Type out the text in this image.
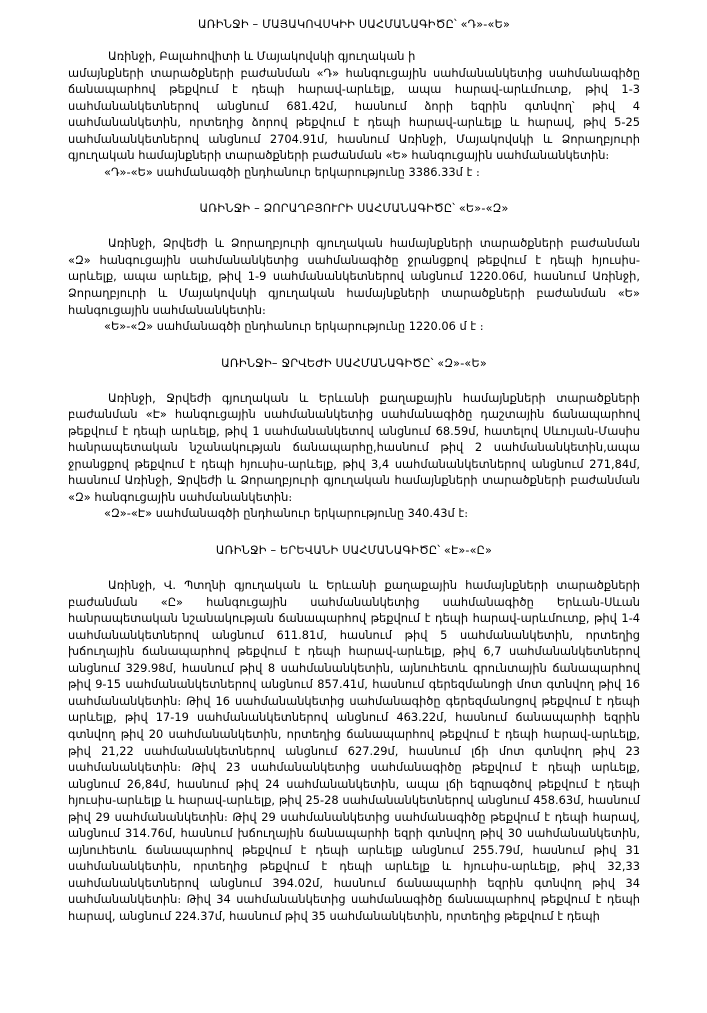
ԱՌԻՆՋԻ – ՄԱՅԱԿՈՎՍԿԻԻ ՍԱՀՄԱՆԱԳԻԾԸ՝ «Դ»-«Ե»

Առինջի, Բալահովիտի և Մայակովսկի գյուղական ի

ամայնքների տարածքների բաժանման «Դ» հանգուցային սահմանանկետից սահմանագիծը ճանապարհով թեքվում է դեպի հարավ-արևելք, ապա հարավ-արևմուտք, թիվ 1-3 սահմանանկետներով անցնում 681.42մ, հասնում ձորի եզրին գտնվող՝ թիվ 4 սահմանանկետին, որտեղից ձորով թեքվում է դեպի հարավ-արևելք և հարավ, թիվ 5-25 սահմանանկետներով անցնում 2704.91մ, հասնում Առինջի, Մայակովսկի և Ձորաղբյուրի գյուղական համայնքների տարածքների բաժանման «Ե» հանգուցային սահմանանկետին։

«Դ»-«Ե» սահմանագծի ընդհանուր երկարությունը 3386.33մ է ։

ԱՌԻՆՋԻ – ՁՈՐԱՂԲՅՈՒՐԻ ՍԱՀՄԱՆԱԳԻԾԸ՝ «Ե»-«Զ»

Առինջի, Ձրվեժի և Ձորաղբյուրի գյուղական համայնքների տարածքների բաժանման «Զ» հանգուցային սահմանանկետից սահմանագիծը ջրանցքով թեքվում է դեպի հյուսիս-արևելք, ապա արևելք, թիվ 1-9 սահմանանկետներով անցնում 1220.06մ, հասնում Առինջի, Ձորաղբյուրի և Մայակովսկի գյուղական համայնքների տարածքների բաժանման «Ե» հանգուցային սահմանանկետին։

«Ե»-«Զ» սահմանագծի ընդհանուր երկարությունը 1220.06 մ է ։

ԱՌԻՆՋԻ– ՋՐՎԵԺԻ ՍԱՀՄԱՆԱԳԻԾԸ՝ «Զ»-«Ե»

Առինջի, Ջրվեժի գյուղական և Երևանի քաղաքային համայնքների տարածքների բաժանման «Է» հանգուցային սահմանանկետից սահմանագիծը դաշտային ճանապարհով թեքվում է դեպի արևելք, թիվ 1 սահմանանկետով անցնում 68.59մ, հատելով Սևույան-Մասիս հանրապետական նշանակության ճանապարհը,հասնում թիվ 2 սահմանանկետին,ապա ջրանցքով թեքվում է դեպի հյուսիս-արևելք, թիվ 3,4 սահմանանկետներով անցնում 271,84մ, հասնում Առինջի, Ջրվեժի և Ձորաղբյուրի գյուղական համայնքների տարածքների բաժանման «Զ» հանգուցային սահմանանկետին։

«Զ»-«Է» սահմանագծի ընդհանուր երկարությունը 340.43մ է։

ԱՌԻՆՋԻ – ԵՐԵՎԱՆԻ ՍԱՀՄԱՆԱԳԻԾԸ՝ «Է»-«Ը»

Առինջի, Վ. Պտղնի գյուղական և Երևանի քաղաքային համայնքների տարածքների բաժանման «Ը» հանգուցային սահմանանկետից սահմանագիծը Երևան-Սևան հանրապետական նշանակության ճանապարհով թեքվում է դեպի հարավ-արևմուտք, թիվ 1-4 սահմանանկետներով անցնում 611.81մ, հասնում թիվ 5 սահմանանկետին, որտեղից խճուղային ճանապարհով թեքվում է դեպի հարավ-արևելք, թիվ 6,7 սահմանանկետներով անցնում 329.98մ, հասնում թիվ 8 սահմանանկետին, այնուհետև գրունտային ճանապարհով թիվ 9-15 սահմանանկետներով անցնում 857.41մ, հասնում գերեզմանոցի մոտ գտնվող թիվ 16 սահմանանկետին։ Թիվ 16 սահմանանկետից սահմանագիծը գերեզմանոցով թեքվում է դեպի արևելք, թիվ 17-19 սահմանանկետներով անցնում 463.22մ, հասնում ճանապարհի եզրին գտնվող թիվ 20 սահմանանկետին, որտեղից ճանապարհով թեքվում է դեպի հարավ-արևելք, թիվ 21,22 սահմանանկետներով անցնում 627.29մ, հասնում լճի մոտ գտնվող թիվ 23 սահմանանկետին։ Թիվ 23 սահմանանկետից սահմանագիծը թեքվում է դեպի արևելք, անցնում 26,84մ, հասնում թիվ 24 սահմանանկետին, ապա լճի եզրագծով թեքվում է դեպի հյուսիս-արևելք և հարավ-արևելք, թիվ 25-28 սահմանանկետներով անցնում 458.63մ, հասնում թիվ 29 սահմանանկետին։ Թիվ 29 սահմանանկետից սահմանագիծը թեքվում է դեպի հարավ, անցնում 314.76մ, հասնում խճուղային ճանապարհի եզրի գտնվող թիվ 30 սահմանանկետին, այնուհետև ճանապարհով թեքվում է դեպի արևելք անցնում 255.79մ, հասնում թիվ 31 սահմանանկետին, որտեղից թեքվում է դեպի արևելք և հյուսիս-արևելք, թիվ 32,33 սահմանանկետներով անցնում 394.02մ, հասնում ճանապարհի եզրին գտնվող թիվ 34 սահմանանկետին։ Թիվ 34 սահմանանկետից սահմանագիծը ճանապարհով թեքվում է դեպի հարավ, անցնում 224.37մ, հասնում թիվ 35 սահմանանկետին, որտեղից թեքվում է դեպի
